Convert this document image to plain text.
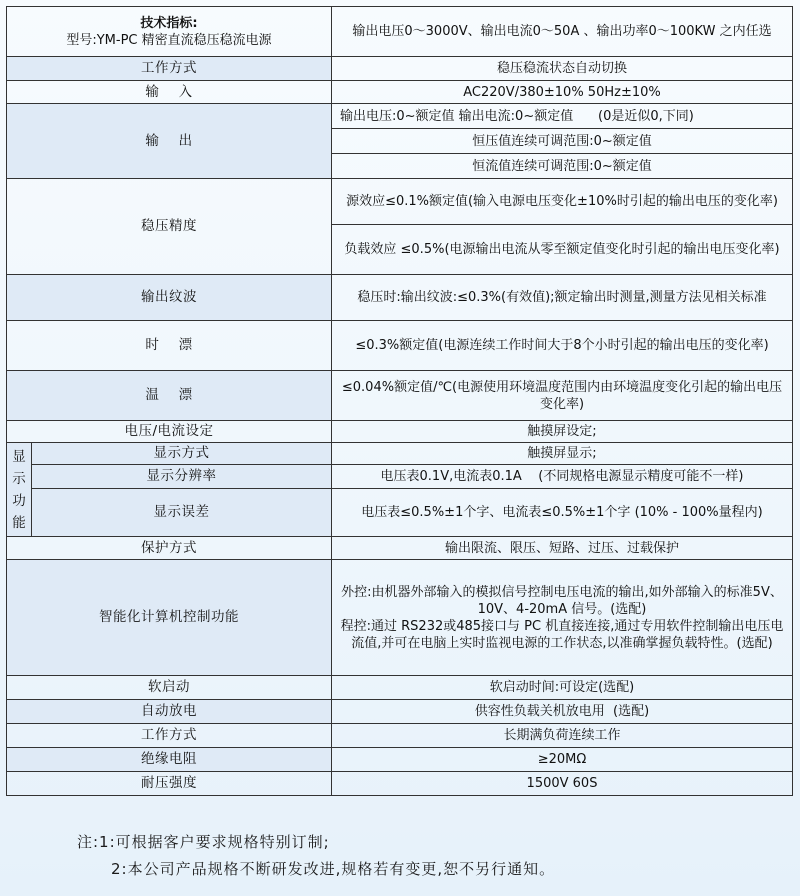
技术指标:
型号:YM-PC 精密直流稳压稳流电源		输出电压0～3000V、输出电流0～50A 、输出功率0～100KW 之内任选
工作方式		稳压稳流状态自动切换
输    入		AC220V/380±10% 50Hz±10%
输    出		输出电压:0~额定值 输出电流:0~额定值      (0是近似0,下同)
		恒压值连续可调范围:0~额定值
		恒流值连续可调范围:0~额定值
稳压精度		源效应≤0.1%额定值(输入电源电压变化±10%时引起的输出电压的变化率)
		负载效应 ≤0.5%(电源输出电流从零至额定值变化时引起的输出电压变化率)
输出纹波		稳压时:输出纹波:≤0.3%(有效值);额定输出时测量,测量方法见相关标准
时    漂		≤0.3%额定值(电源连续工作时间大于8个小时引起的输出电压的变化率)
温    漂		≤0.04%额定值/℃(电源使用环境温度范围内由环境温度变化引起的输出电压变化率)
电压/电流设定		触摸屏设定;
显
示
功
能	显示方式	触摸屏显示;
	显示分辨率	电压表0.1V,电流表0.1A    (不同规格电源显示精度可能不一样)
	显示误差	电压表≤0.5%±1个字、电流表≤0.5%±1个字 (10% - 100%量程内)
保护方式		输出限流、限压、短路、过压、过载保护
智能化计算机控制功能		外控:由机器外部输入的模拟信号控制电压电流的输出,如外部输入的标准5V、10V、4-20mA 信号。(选配)
程控:通过 RS232或485接口与 PC 机直接连接,通过专用软件控制输出电压电流值,并可在电脑上实时监视电源的工作状态,以准确掌握负载特性。(选配)

软启动		软启动时间:可设定(选配)
自动放电		供容性负载关机放电用  (选配)
工作方式		长期满负荷连续工作
绝缘电阻		≥20MΩ
耐压强度		1500V 60S
注:1:可根据客户要求规格特别订制;
2:本公司产品规格不断研发改进,规格若有变更,恕不另行通知。
